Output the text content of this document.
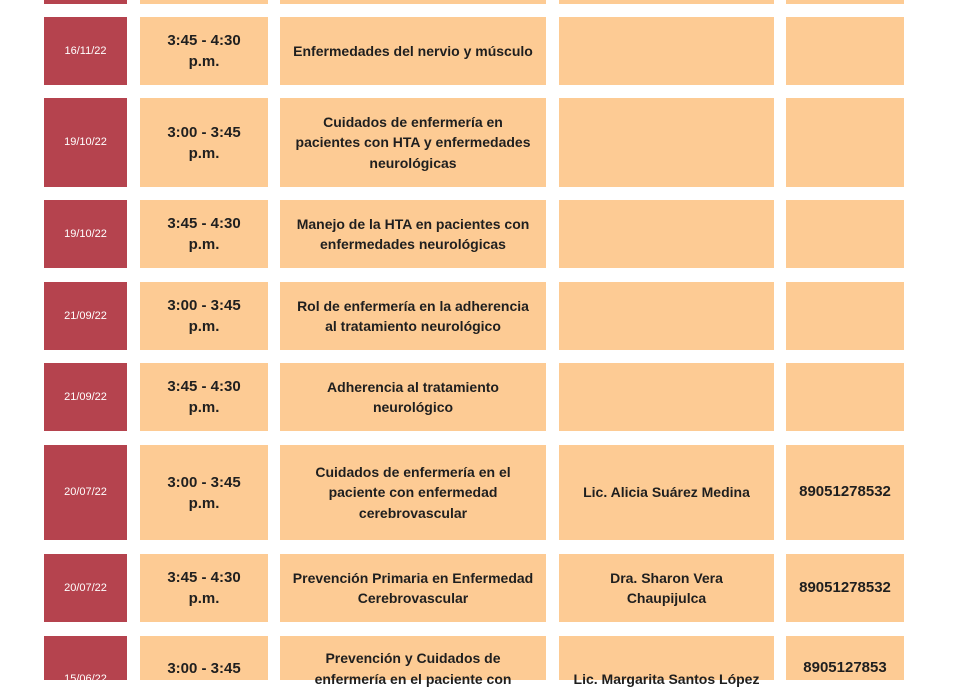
16/11/22
3:45 - 4:30 p.m.
Enfermedades del nervio y músculo
19/10/22
3:00 - 3:45 p.m.
Cuidados de enfermería en pacientes con HTA y enfermedades neurológicas
19/10/22
3:45 - 4:30 p.m.
Manejo de la HTA en pacientes con enfermedades neurológicas
21/09/22
3:00 - 3:45 p.m.
Rol de enfermería en la adherencia al tratamiento neurológico
21/09/22
3:45 - 4:30 p.m.
Adherencia al tratamiento neurológico
20/07/22
3:00 - 3:45 p.m.
Cuidados de enfermería en el paciente con enfermedad cerebrovascular
Lic. Alicia Suárez Medina	89051278532
20/07/22
3:45 - 4:30 p.m.
Prevención Primaria en Enfermedad Cerebrovascular
Dra. Sharon Vera Chaupijulca
89051278532
15/06/22
3:00 - 3:45
Prevención y Cuidados de enfermería en el paciente con	Lic. Margarita Santos López
8905127853
